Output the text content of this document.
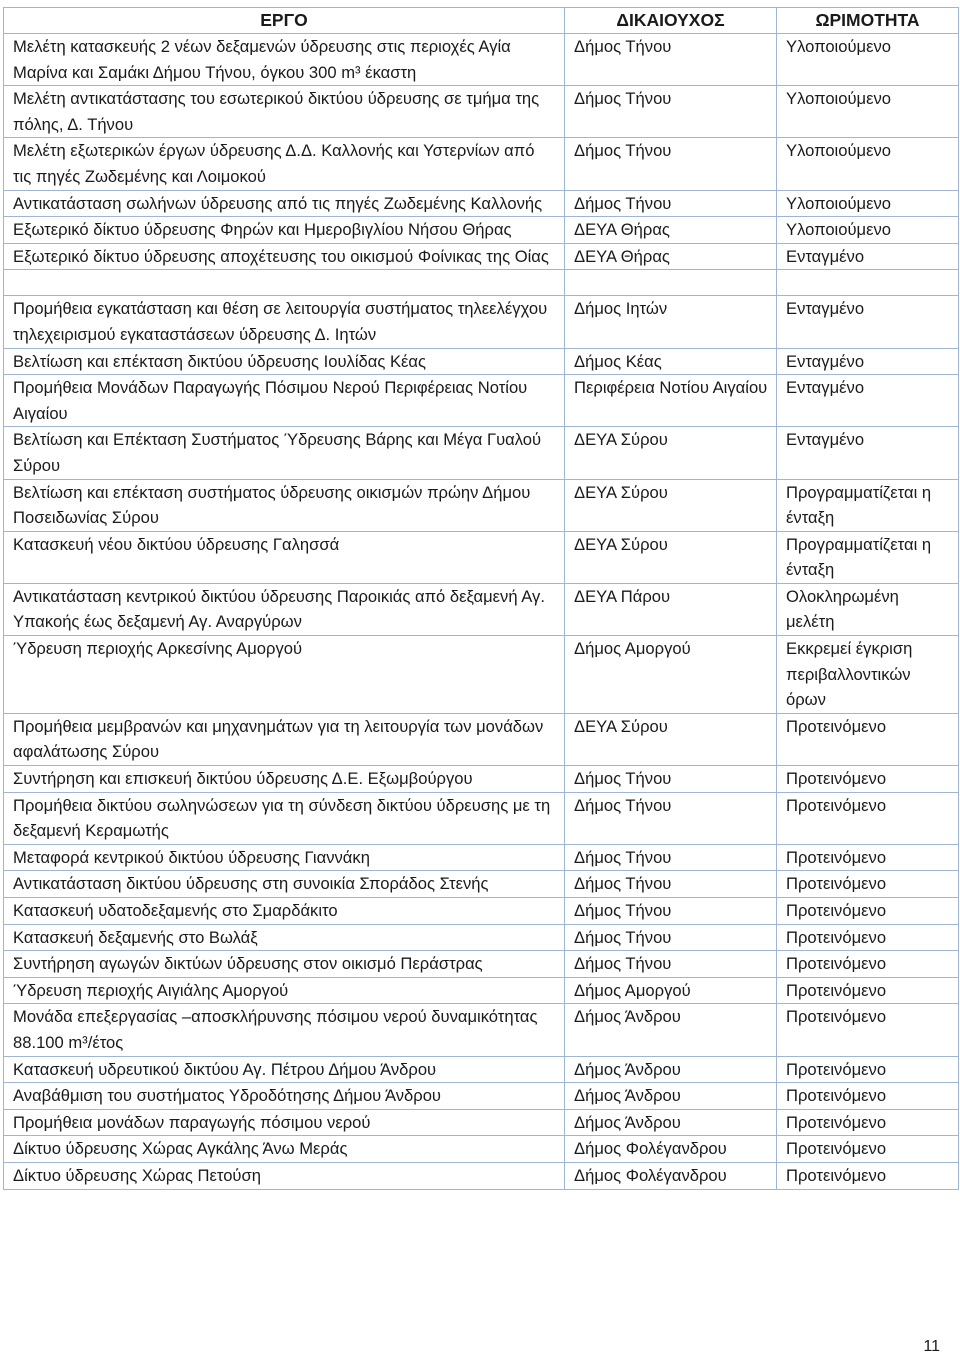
ΕΡΓΟ	ΔΙΚΑΙΟΥΧΟΣ	ΩΡΙΜΟΤΗΤΑ
Μελέτη κατασκευής 2 νέων δεξαμενών ύδρευσης στις περιοχές Αγία Μαρίνα και Σαμάκι Δήμου Τήνου, όγκου 300 m³ έκαστη	Δήμος Τήνου	Υλοποιούμενο
Μελέτη αντικατάστασης του εσωτερικού δικτύου ύδρευσης σε τμήμα της πόλης, Δ. Τήνου	Δήμος Τήνου	Υλοποιούμενο
Μελέτη εξωτερικών έργων ύδρευσης Δ.Δ. Καλλονής και Υστερνίων από τις πηγές Ζωδεμένης και Λοιμοκού	Δήμος Τήνου	Υλοποιούμενο
Αντικατάσταση σωλήνων ύδρευσης από τις πηγές Ζωδεμένης Καλλονής	Δήμος Τήνου	Υλοποιούμενο
Εξωτερικό δίκτυο ύδρευσης Φηρών και Ημεροβιγλίου Νήσου Θήρας	ΔΕΥΑ Θήρας	Υλοποιούμενο
Εξωτερικό δίκτυο ύδρευσης αποχέτευσης του οικισμού Φοίνικας της Οίας	ΔΕΥΑ Θήρας	Ενταγμένο

Προμήθεια εγκατάσταση και θέση σε λειτουργία συστήματος τηλεελέγχου τηλεχειρισμού εγκαταστάσεων ύδρευσης Δ. Ιητών	Δήμος Ιητών	Ενταγμένο
Βελτίωση και επέκταση δικτύου ύδρευσης Ιουλίδας Κέας	Δήμος Κέας	Ενταγμένο
Προμήθεια Μονάδων Παραγωγής Πόσιμου Νερού Περιφέρειας Νοτίου Αιγαίου	Περιφέρεια Νοτίου Αιγαίου	Ενταγμένο
Βελτίωση και Επέκταση Συστήματος Ύδρευσης Βάρης και Μέγα Γυαλού Σύρου	ΔΕΥΑ Σύρου	Ενταγμένο
Βελτίωση και επέκταση συστήματος ύδρευσης οικισμών πρώην Δήμου Ποσειδωνίας Σύρου	ΔΕΥΑ Σύρου	Προγραμματίζεται η ένταξη
Κατασκευή νέου δικτύου ύδρευσης Γαλησσά	ΔΕΥΑ Σύρου	Προγραμματίζεται η ένταξη
Αντικατάσταση κεντρικού δικτύου ύδρευσης Παροικιάς από δεξαμενή Αγ. Υπακοής έως δεξαμενή Αγ. Αναργύρων	ΔΕΥΑ Πάρου	Ολοκληρωμένη μελέτη
Ύδρευση περιοχής Αρκεσίνης Αμοργού	Δήμος Αμοργού	Εκκρεμεί έγκριση περιβαλλοντικών όρων
Προμήθεια μεμβρανών και μηχανημάτων για τη λειτουργία των μονάδων αφαλάτωσης Σύρου	ΔΕΥΑ Σύρου	Προτεινόμενο
Συντήρηση και επισκευή δικτύου ύδρευσης Δ.Ε. Εξωμβούργου	Δήμος Τήνου	Προτεινόμενο
Προμήθεια δικτύου σωληνώσεων για τη σύνδεση δικτύου ύδρευσης με τη δεξαμενή Κεραμωτής	Δήμος Τήνου	Προτεινόμενο
Μεταφορά κεντρικού δικτύου ύδρευσης Γιαννάκη	Δήμος Τήνου	Προτεινόμενο
Αντικατάσταση δικτύου ύδρευσης στη συνοικία Σποράδος Στενής	Δήμος Τήνου	Προτεινόμενο
Κατασκευή υδατοδεξαμενής στο Σμαρδάκιτο	Δήμος Τήνου	Προτεινόμενο
Κατασκευή δεξαμενής στο Βωλάξ	Δήμος Τήνου	Προτεινόμενο
Συντήρηση αγωγών δικτύων ύδρευσης στον οικισμό Περάστρας	Δήμος Τήνου	Προτεινόμενο
Ύδρευση περιοχής Αιγιάλης Αμοργού	Δήμος Αμοργού	Προτεινόμενο
Μονάδα επεξεργασίας –αποσκλήρυνσης πόσιμου νερού δυναμικότητας 88.100 m³/έτος	Δήμος Άνδρου	Προτεινόμενο
Κατασκευή υδρευτικού δικτύου Αγ. Πέτρου Δήμου Άνδρου	Δήμος Άνδρου	Προτεινόμενο
Αναβάθμιση του συστήματος Υδροδότησης Δήμου Άνδρου	Δήμος Άνδρου	Προτεινόμενο
Προμήθεια μονάδων παραγωγής πόσιμου νερού	Δήμος Άνδρου	Προτεινόμενο
Δίκτυο ύδρευσης Χώρας Αγκάλης Άνω Μεράς	Δήμος Φολέγανδρου	Προτεινόμενο
Δίκτυο ύδρευσης Χώρας Πετούση	Δήμος Φολέγανδρου	Προτεινόμενο
11
